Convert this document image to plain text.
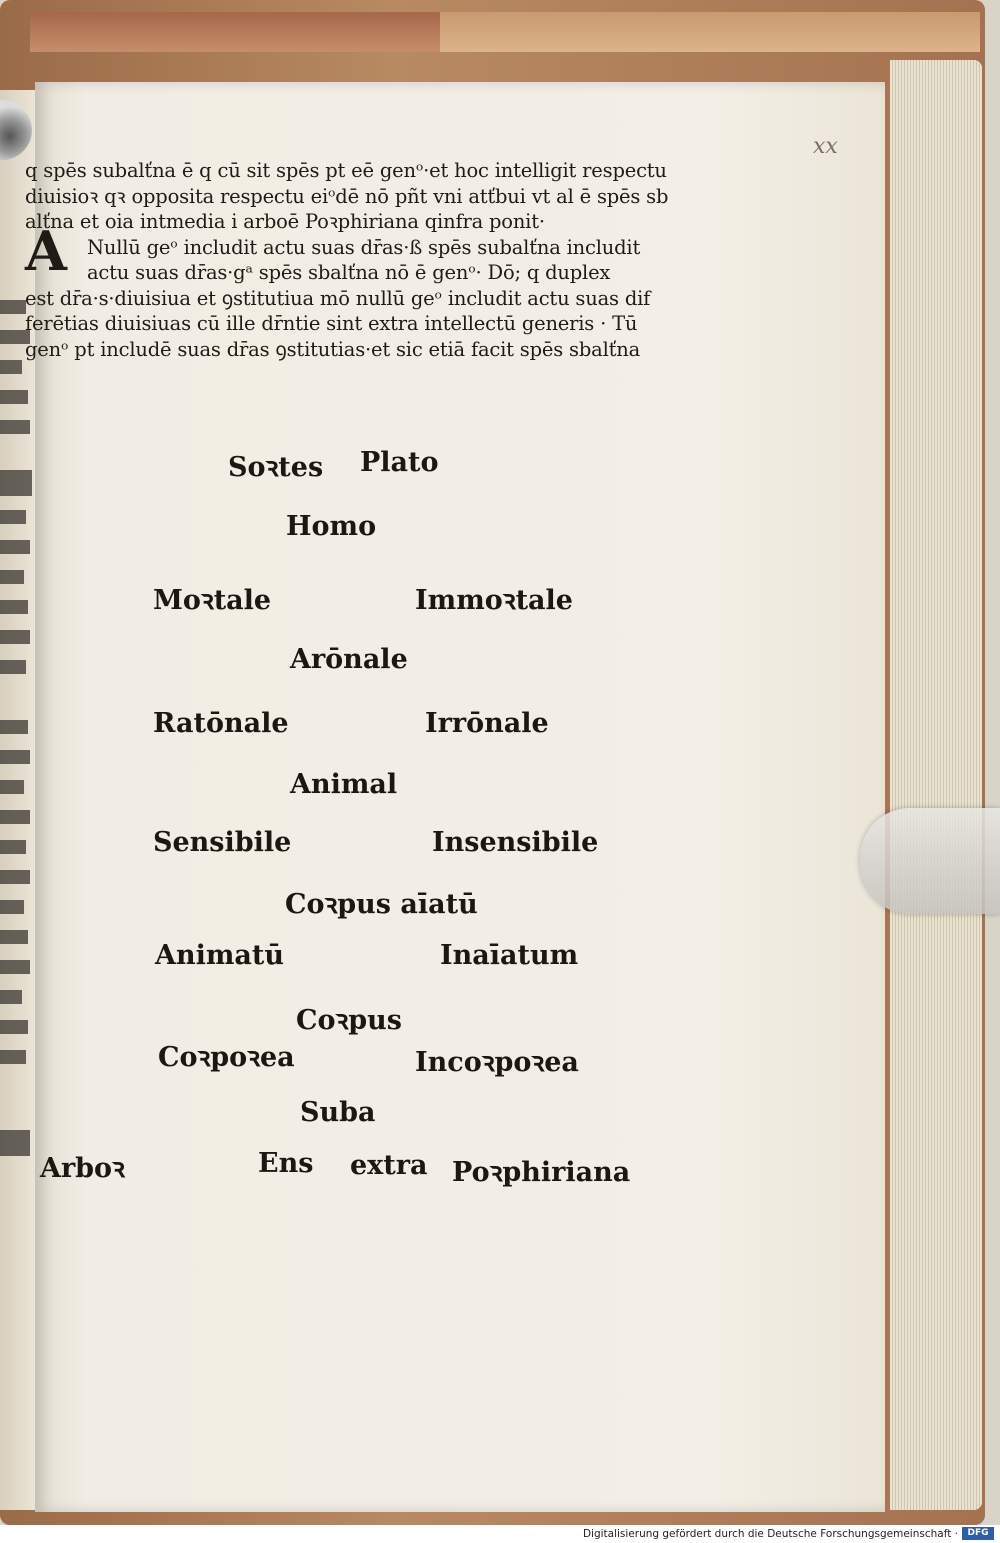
xx
A
q spēs subalťna ē q cū sit spēs pt eē genᵒ·et hoc intelligit respectu
diuisioꝛ qꝛ opposita respectu eiᵒdē nō pñt vni atťbui vt al ē spēs sb
alťna et oia intmedia i arboē Poꝛphiriana qinfra ponit·
Nullū geᵒ includit actu suas dr̄as·ß spēs subalťna includit
actu suas dr̄as·gᵃ spēs sbalťna nō ē genᵒ· Dō; q duplex
est dr̄a·s·diuisiua et ꝯstitutiua mō nullū geᵒ includit actu suas dif
ferētias diuisiuas cū ille dr̄ntie sint extra intellectū generis · Tū
genᵒ pt includē suas dr̄as ꝯstitutias·et sic etiā facit spēs sbalťna
Soꝛtes Plato
Homo
Moꝛtale	Immoꝛtale
Arōnale
Ratōnale	Irrōnale
Animal
Sensibile	Insensibile
Coꝛpus aīatū
Animatū	Inaīatum
Coꝛpus
Coꝛpoꝛea	Incoꝛpoꝛea
Suba
Arboꝛ	Ens extra Poꝛphiriana
Digitalisierung gefördert durch die Deutsche Forschungsgemeinschaft ·	DFG
